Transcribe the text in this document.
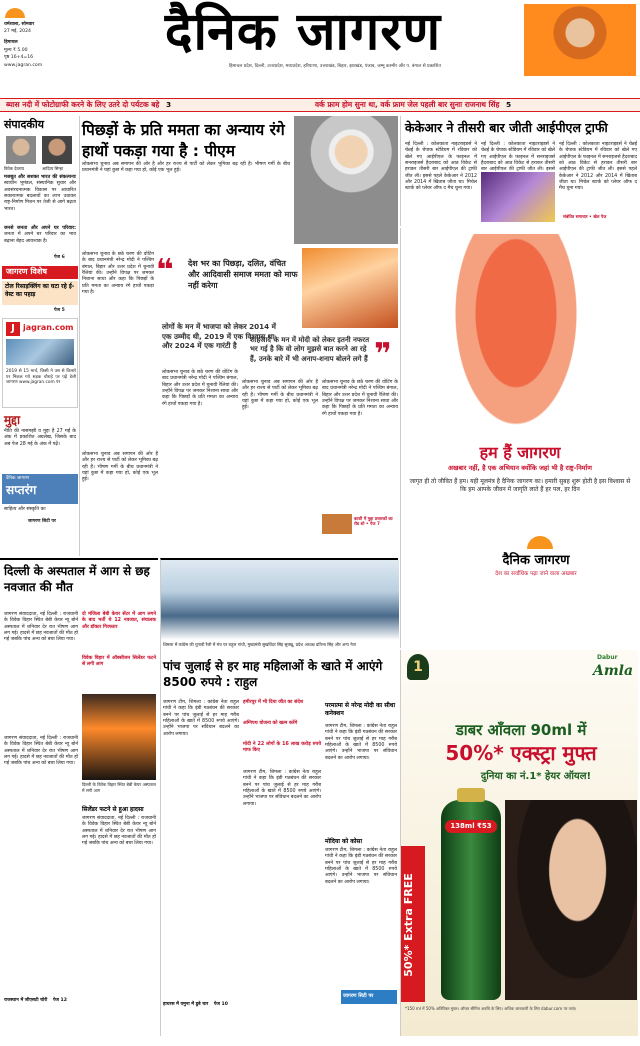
धर्मशाला, सोमवार
27 मई, 2024
हिमाचल
मूल्य ₹ 5.00
पृष्ठ 16+4=16
www.jagran.com
दैनिक जागरण
हिमाचल प्रदेश, दिल्ली, उत्तरप्रदेश, मध्यप्रदेश, हरियाणा, उत्तराखंड, बिहार, झारखंड, पंजाब, जम्मू कश्मीर और प. बंगाल से प्रकाशित
ब्यास नदी में फोटोग्राफी करने के लिए उतरे दो पर्यटक बहे 3	वर्क फ्राम होम सुना था, वर्क फ्राम जेल पहली बार सुनाः राजनाथ सिंह 5
संपादकीय
विवेक देवराय	आदित्य सिन्हा
मजबूत और सशक्त भारत की संकल्पनाः स्वाधीन भूमंडल, संस्थानिक सुधार और अवसंरचनात्मक विकास पर आधारित सकारात्मक बदलावों का लाभ उठाकर राष्ट्र-निर्माण मिशन पर तेजी से आगे बढ़ता भारत।
जनसे जनता और अपने घर परिवार: जनता में अपने घर परिवार का भाव बढ़ाना बेहद आवश्यक है।
पेज 6
जागरण विशेष
टोल रिसाइक्लिंग का घटा रहे ई-वेस्ट का पहाड़
पेज 5
J	jagran.com
2019 से 15 मार्च, किसी ने उस से किनारे पर निकल गये सड़क चौराहे पर पढ़ें डेली जागरण www.jagran.com पर
मुद्दा
नीति की नासमझी व मुद्दा है 27 मई के अंक में प्रकाशित अग्रलेख, जिसके बाद अब पेज 28 मई के अंक में पढ़ें।
दैनिक जागरण
सप्तरंग
साहित्य और संस्कृति का
जागरण सिटी पर
पिछड़ों के प्रति ममता का अन्याय रंगे हाथों पकड़ा गया है : पीएम
लोकसभा चुनाव अब समापन की ओर है और हर राज्य से पार्टी को लेकर भूमिका बढ़ रही है। भीषण गर्मी के बीच प्रधानमंत्री ने यहां कुछ में कहा गया हो, कोई एक भूल हुई।
❝ देश भर का पिछड़ा, दलित, वंचित और आदिवासी समाज ममता को माफ नहीं करेगा
लोकसभा चुनाव के छठे चरण की वोटिंग के बाद प्रधानमंत्री नरेन्द्र मोदी ने पश्चिम बंगाल, बिहार और उत्तर प्रदेश में चुनावी रैलियां की। उन्होंने विपक्ष पर जमकर निशाना साधा और कहा कि पिछड़ों के प्रति ममता का अन्याय रंगे हाथों पकड़ा गया है।
लोगों के मन में भाजपा को लेकर 2014 में एक उम्मीद थी, 2019 में एक विश्वास था और 2024 में एक गारंटी है
शाहजादे के मन में मोदी को लेकर इतनी नफरत भर गई है कि वो लोग मुझसे बात करने आ रहे हैं, उनके बारे में भी अनाप-शनाप बोलने लगे हैं ❞
लोकसभा चुनाव के छठे चरण की वोटिंग के बाद प्रधानमंत्री नरेन्द्र मोदी ने पश्चिम बंगाल, बिहार और उत्तर प्रदेश में चुनावी रैलियां की। उन्होंने विपक्ष पर जमकर निशाना साधा और कहा कि पिछड़ों के प्रति ममता का अन्याय रंगे हाथों पकड़ा गया है।
लोकसभा चुनाव अब समापन की ओर है और हर राज्य से पार्टी को लेकर भूमिका बढ़ रही है। भीषण गर्मी के बीच प्रधानमंत्री ने यहां कुछ में कहा गया हो, कोई एक भूल हुई।
लोकसभा चुनाव के छठे चरण की वोटिंग के बाद प्रधानमंत्री नरेन्द्र मोदी ने पश्चिम बंगाल, बिहार और उत्तर प्रदेश में चुनावी रैलियां की। उन्होंने विपक्ष पर जमकर निशाना साधा और कहा कि पिछड़ों के प्रति ममता का अन्याय रंगे हाथों पकड़ा गया है।
लोकसभा चुनाव अब समापन की ओर है और हर राज्य से पार्टी को लेकर भूमिका बढ़ रही है। भीषण गर्मी के बीच प्रधानमंत्री ने यहां कुछ में कहा गया हो, कोई एक भूल हुई।
काशी में मुद्दा प्रचारकों का रोड शो • पेज 7
केकेआर ने तीसरी बार जीती आईपीएल ट्राफी
नई दिल्ली : कोलकाता नाइटराइडर्स ने चेन्नई के चेपाक स्टेडियम में रविवार को खेले गए आईपीएल के फाइनल में सनराइजर्स हैदराबाद को आठ विकेट से हराकर तीसरी बार आईपीएल की ट्राफी जीत ली। इससे पहले केकेआर ने 2012 और 2014 में खिताब जीता था। मिचेल स्टार्क को प्लेयर ऑफ द मैच चुना गया।
नई दिल्ली : कोलकाता नाइटराइडर्स ने चेन्नई के चेपाक स्टेडियम में रविवार को खेले गए आईपीएल के फाइनल में सनराइजर्स हैदराबाद को आठ विकेट से हराकर तीसरी बार आईपीएल की ट्राफी जीत ली। इससे
नई दिल्ली : कोलकाता नाइटराइडर्स ने चेन्नई के चेपाक स्टेडियम में रविवार को खेले गए आईपीएल के फाइनल में सनराइजर्स हैदराबाद को आठ विकेट से हराकर तीसरी बार आईपीएल की ट्राफी जीत ली। इससे पहले केकेआर ने 2012 और 2014 में खिताब जीता था। मिचेल स्टार्क को प्लेयर ऑफ द मैच चुना गया।
संबंधित समाचार • खेल पेज
हम हैं जागरण
अखबार नहीं, है एक अभियान क्योंकि जहां भी है राष्ट्र-निर्माण
जागृत ही तो जीवित हैं हम। यही मूलमंत्र है दैनिक जागरण का। हमारी सुबह शुरू होती है इस विश्वास से कि हम आपके जीवन में जागृति लाते हैं हर पल, हर दिन
दैनिक जागरण
देश का सर्वाधिक पढ़ा जाने वाला अखबार
दिल्ली के अस्पताल में आग से छह नवजात की मौत
जागरण संवाददाता, नई दिल्ली : राजधानी के विवेक विहार स्थित बेबी केयर न्यू बोर्न अस्पताल में शनिवार देर रात भीषण आग लग गई। हादसे में छह नवजातों की मौत हो गई जबकि पांच अन्य को बचा लिया गया।
दो मंजिला बेबी केयर सेंटर में आग लगने के बाद भर्ती थे 12 नवजात, संचालक और डॉक्टर गिरफ्तार
विवेक विहार में ऑक्सीजन सिलेंडर फटने से लगी आग
दिल्ली के विवेक विहार स्थित बेबी केयर अस्पताल में लगी आग
जागरण संवाददाता, नई दिल्ली : राजधानी के विवेक विहार स्थित बेबी केयर न्यू बोर्न अस्पताल में शनिवार देर रात भीषण आग लग गई। हादसे में छह नवजातों की मौत हो गई जबकि पांच अन्य को बचा लिया गया।
सिलेंडर फटने से हुआ हादसा
जागरण संवाददाता, नई दिल्ली : राजधानी के विवेक विहार स्थित बेबी केयर न्यू बोर्न अस्पताल में शनिवार देर रात भीषण आग लग गई। हादसे में छह नवजातों की मौत हो गई जबकि पांच अन्य को बचा लिया गया।
राजस्थान में जीएसटी चोरी पेज 12
शिमला में कांग्रेस की चुनावी रैली में मंच पर राहुल गांधी, मुख्यमंत्री सुखविंदर सिंह सुक्खू, प्रदेश अध्यक्ष प्रतिभा सिंह और अन्य नेता
पांच जुलाई से हर माह महिलाओं के खाते में आएंगे 8500 रुपये : राहुल
जागरण टीम, शिमला : कांग्रेस नेता राहुल गांधी ने कहा कि इंडी गठबंधन की सरकार बनने पर पांच जुलाई से हर माह गरीब महिलाओं के खाते में 8500 रुपये आएंगे। उन्होंने भाजपा पर संविधान बदलने का आरोप लगाया।
हमीरपुर में भी दिया जीत का संदेश
अग्निपथ योजना को खत्म करेंगे
मोदी ने 22 लोगों के 16 लाख करोड़ रुपये माफ किए
जागरण टीम, शिमला : कांग्रेस नेता राहुल गांधी ने कहा कि इंडी गठबंधन की सरकार बनने पर पांच जुलाई से हर माह गरीब महिलाओं के खाते में 8500 रुपये आएंगे। उन्होंने भाजपा पर संविधान बदलने का आरोप लगाया।
परमात्मा से नरेन्द्र मोदी का सीधा कनेक्शन
जागरण टीम, शिमला : कांग्रेस नेता राहुल गांधी ने कहा कि इंडी गठबंधन की सरकार बनने पर पांच जुलाई से हर माह गरीब महिलाओं के खाते में 8500 रुपये आएंगे। उन्होंने भाजपा पर संविधान बदलने का आरोप लगाया।
मोदिया को कोसा
जागरण टीम, शिमला : कांग्रेस नेता राहुल गांधी ने कहा कि इंडी गठबंधन की सरकार बनने पर पांच जुलाई से हर माह गरीब महिलाओं के खाते में 8500 रुपये आएंगे। उन्होंने भाजपा पर संविधान बदलने का आरोप लगाया।
जागरण सिटी पर
हाथरस में यमुना में डूबे चार पेज 10
1
Dabur
Amla
डाबर आँवला 90ml में
50%* एक्स्ट्रा मुफ्त
दुनिया का नं.1* हेयर ऑयल!
50%* Extra FREE
138ml ₹53
*150 ml में 50% अतिरिक्त मुफ्त। ऑफर सीमित अवधि के लिए। अधिक जानकारी के लिए dabur.com पर जाएं।
